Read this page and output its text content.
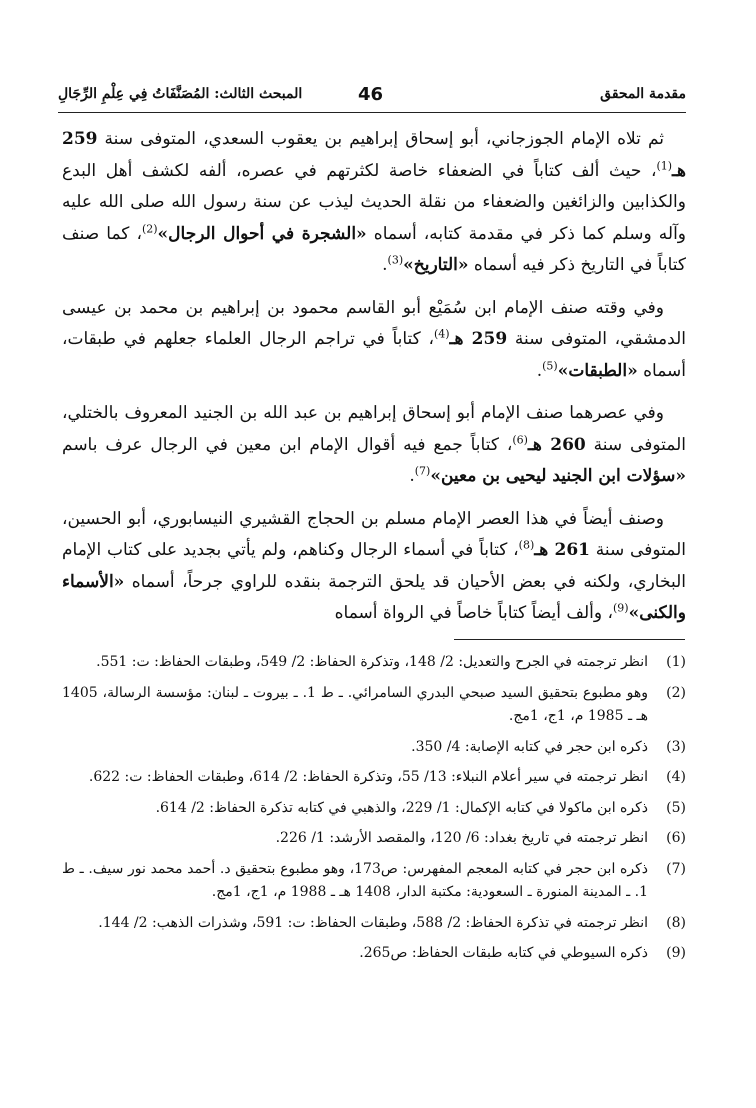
مقدمة المحقق
46
المبحث الثالث: المُصَنَّفَاتُ فِي عِلْمِ الرِّجَالِ

ثم تلاه الإمام الجوزجاني، أبو إسحاق إبراهيم بن يعقوب السعدي، المتوفى سنة 259 هـ$^{(1)}$، حيث ألف كتاباً في الضعفاء خاصة لكثرتهم في عصره، ألفه لكشف أهل البدع والكذابين والزائغين والضعفاء من نقلة الحديث ليذب عن سنة رسول الله صلى الله عليه وآله وسلم كما ذكر في مقدمة كتابه، أسماه «الشجرة في أحوال الرجال»$^{(2)}$، كما صنف كتاباً في التاريخ ذكر فيه أسماه «التاريخ»$^{(3)}$.

وفي وقته صنف الإمام ابن سُمَيْع أبو القاسم محمود بن إبراهيم بن محمد بن عيسى الدمشقي، المتوفى سنة 259 هـ$^{(4)}$، كتاباً في تراجم الرجال العلماء جعلهم في طبقات، أسماه «الطبقات»$^{(5)}$.

وفي عصرهما صنف الإمام أبو إسحاق إبراهيم بن عبد الله بن الجنيد المعروف بالختلي، المتوفى سنة 260 هـ$^{(6)}$، كتاباً جمع فيه أقوال الإمام ابن معين في الرجال عرف باسم «سؤلات ابن الجنيد ليحيى بن معين»$^{(7)}$.

وصنف أيضاً في هذا العصر الإمام مسلم بن الحجاج القشيري النيسابوري، أبو الحسين، المتوفى سنة 261 هـ$^{(8)}$، كتاباً في أسماء الرجال وكناهم، ولم يأتي بجديد على كتاب الإمام البخاري، ولكنه في بعض الأحيان قد يلحق الترجمة بنقده للراوي جرحاً، أسماه «الأسماء والكنى»$^{(9)}$، وألف أيضاً كتاباً خاصاً في الرواة أسماه

(1)
انظر ترجمته في الجرح والتعديل: 2/ 148، وتذكرة الحفاظ: 2/ 549، وطبقات الحفاظ: ت: 551.
(2)
وهو مطبوع بتحقيق السيد صبحي البدري السامرائي. ـ ط 1. ـ بيروت ـ لبنان: مؤسسة الرسالة، 1405 هـ ـ 1985 م، 1ج، 1مج.
(3)
ذكره ابن حجر في كتابه الإصابة: 4/ 350.
(4)
انظر ترجمته في سير أعلام النبلاء: 13/ 55، وتذكرة الحفاظ: 2/ 614، وطبقات الحفاظ: ت: 622.
(5)
ذكره ابن ماكولا في كتابه الإكمال: 1/ 229، والذهبي في كتابه تذكرة الحفاظ: 2/ 614.
(6)
انظر ترجمته في تاريخ بغداد: 6/ 120، والمقصد الأرشد: 1/ 226.
(7)
ذكره ابن حجر في كتابه المعجم المفهرس: ص173، وهو مطبوع بتحقيق د. أحمد محمد نور سيف. ـ ط 1. ـ المدينة المنورة ـ السعودية: مكتبة الدار، 1408 هـ ـ 1988 م، 1ج، 1مج.
(8)
انظر ترجمته في تذكرة الحفاظ: 2/ 588، وطبقات الحفاظ: ت: 591، وشذرات الذهب: 2/ 144.
(9)
ذكره السيوطي في كتابه طبقات الحفاظ: ص265.
